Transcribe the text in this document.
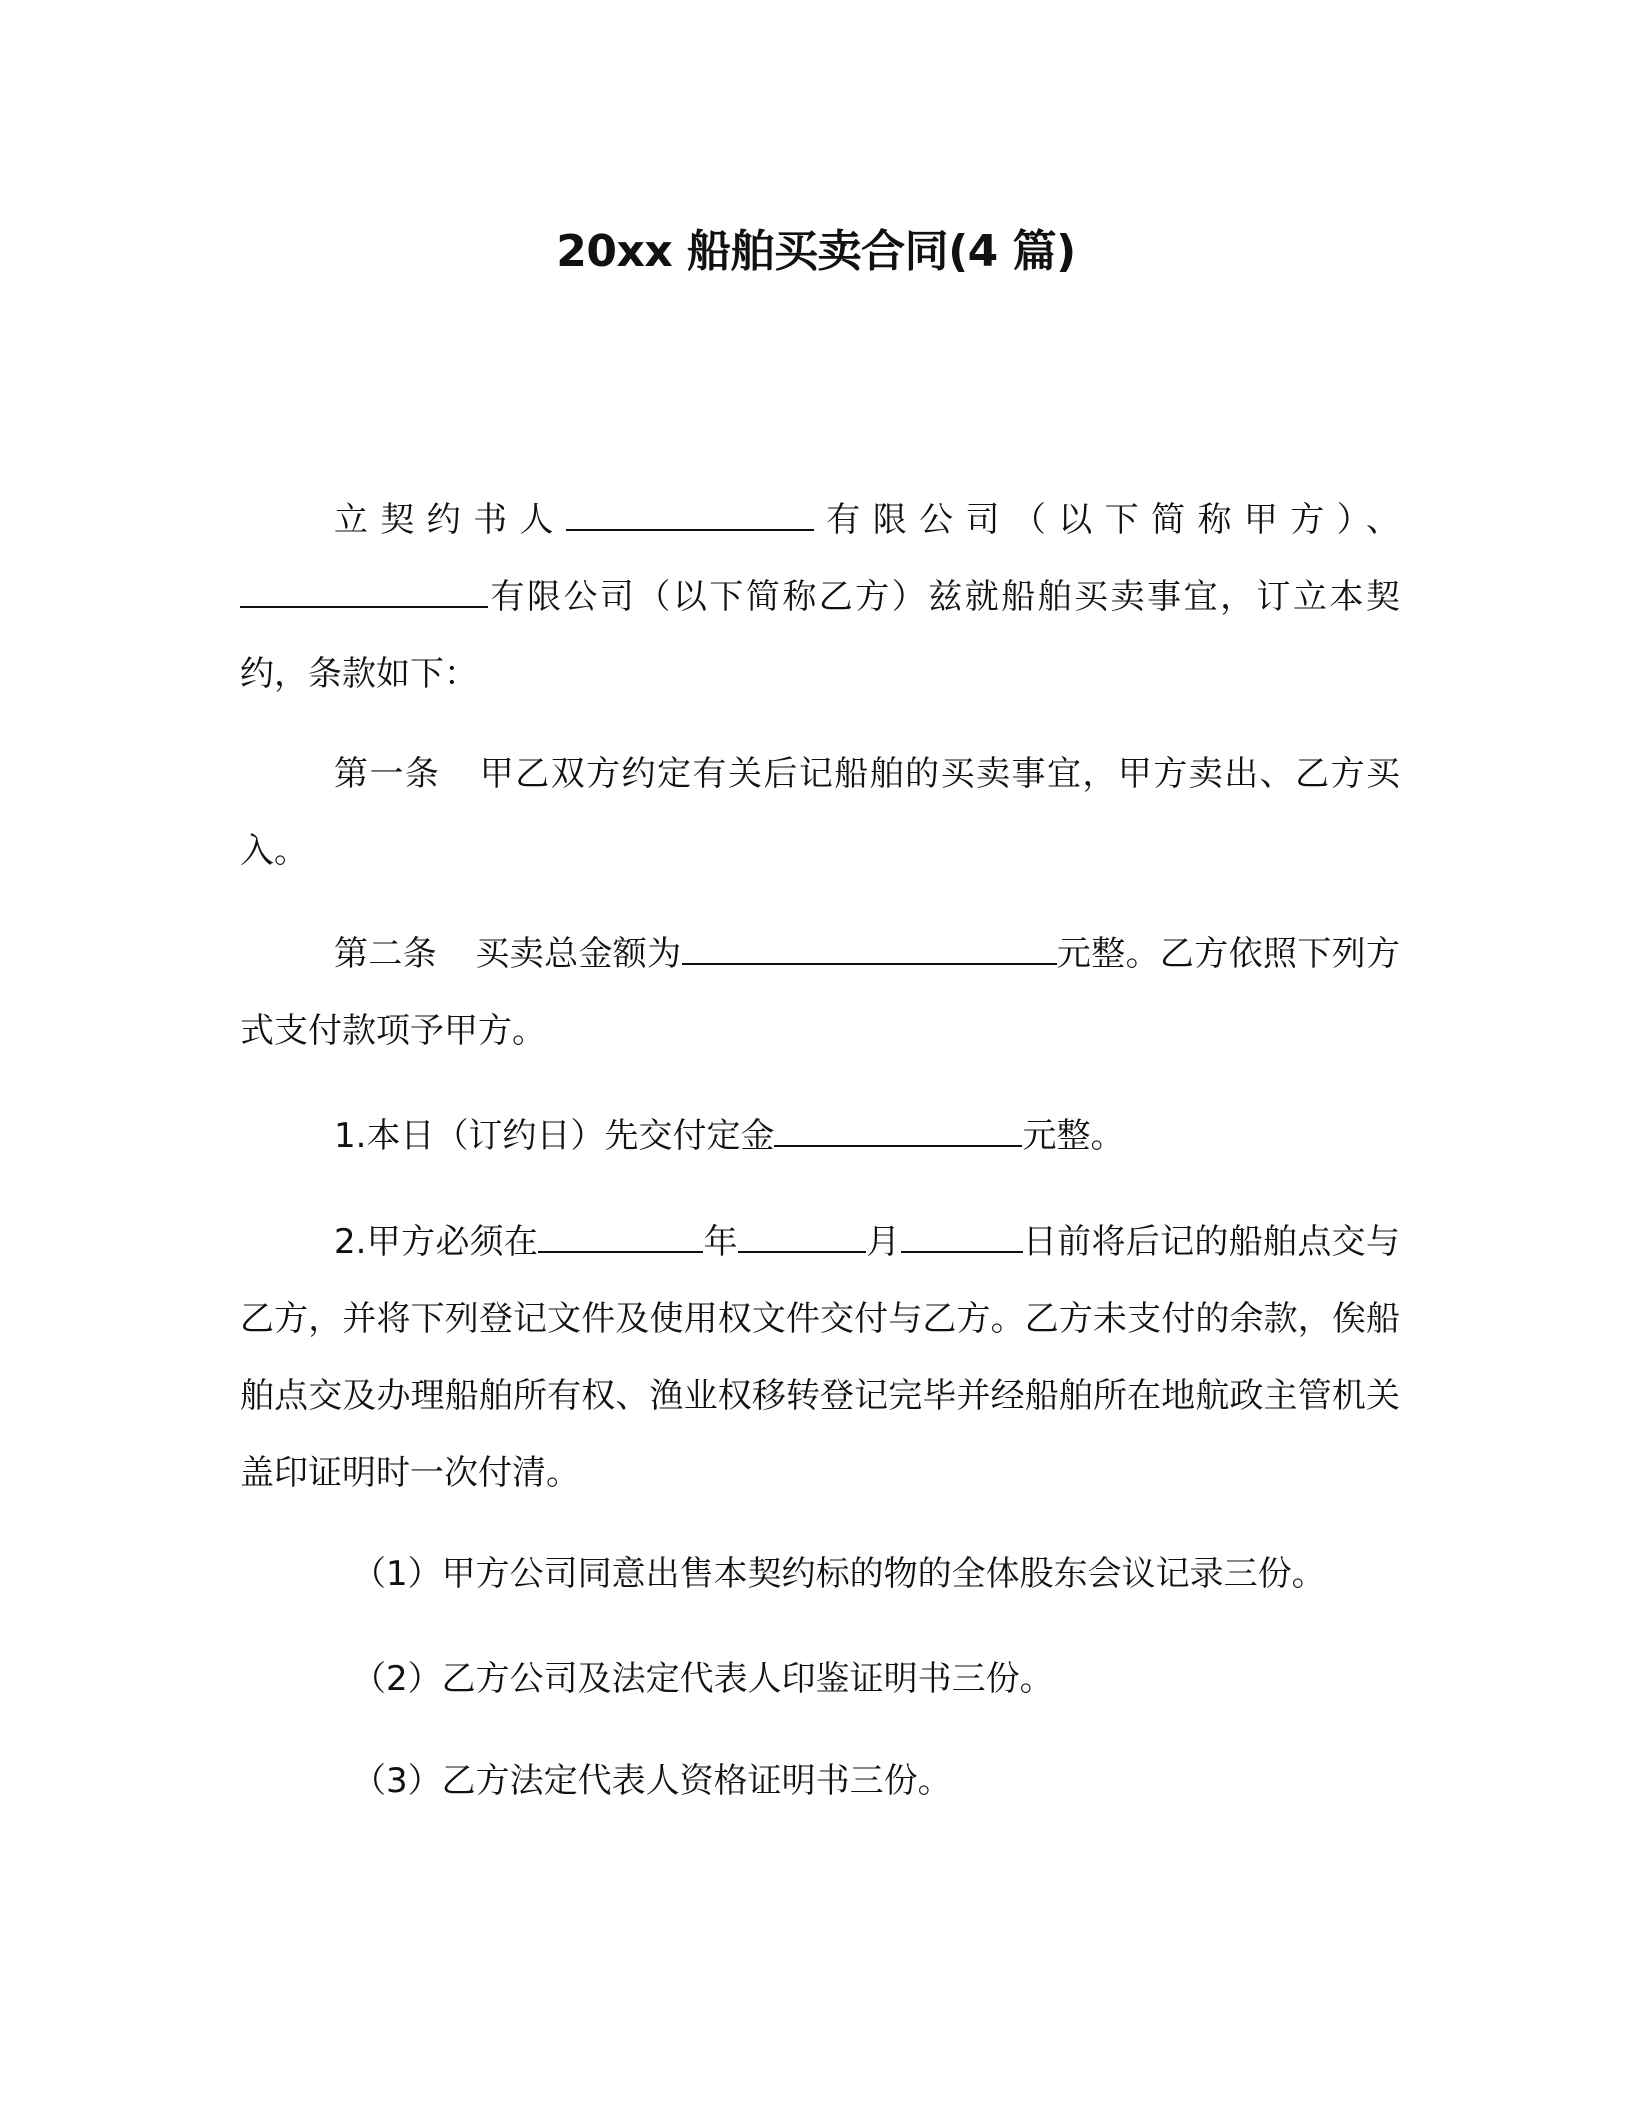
20xx 船舶买卖合同(4 篇)

立契约书人	有限公司（以下简称甲方）、有限公司（以下简称乙方）兹就船舶买卖事宜，订立本契约，条款如下：

第一条 甲乙双方约定有关后记船舶的买卖事宜，甲方卖出、乙方买入。

第二条 买卖总金额为	元整。乙方依照下列方式支付款项予甲方。

1.本日（订约日）先交付定金	元整。

2.甲方必须在	年	月	日前将后记的船舶点交与乙方，并将下列登记文件及使用权文件交付与乙方。乙方未支付的余款，俟船舶点交及办理船舶所有权、渔业权移转登记完毕并经船舶所在地航政主管机关盖印证明时一次付清。

（1）甲方公司同意出售本契约标的物的全体股东会议记录三份。

（2）乙方公司及法定代表人印鉴证明书三份。

（3）乙方法定代表人资格证明书三份。
